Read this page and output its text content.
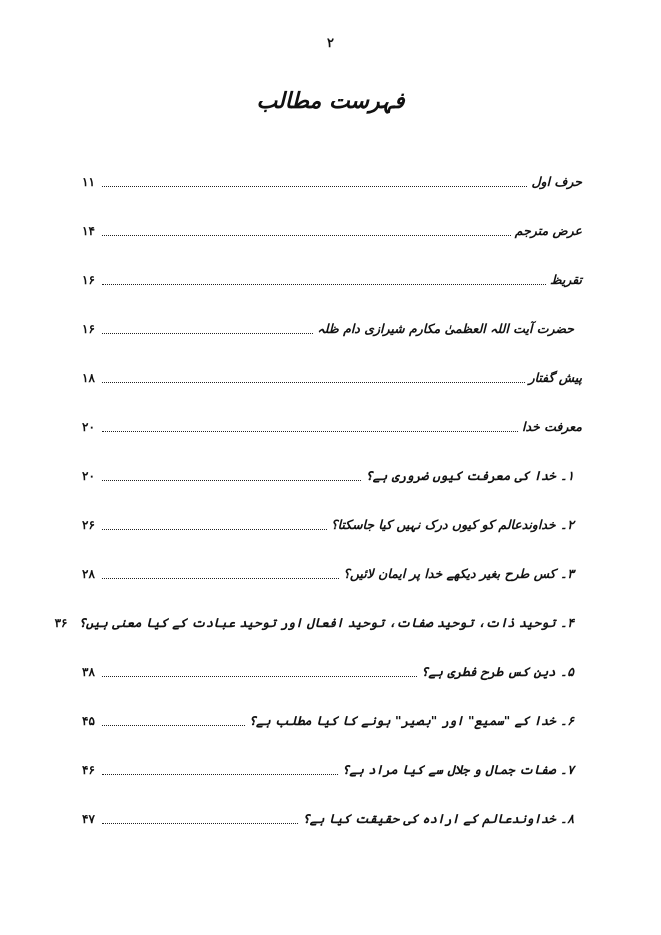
۲
فہرست مطالب
حرف اول
۱۱
عرض مترجم
۱۴
تقریظ
۱۶
حضرت آیت اللہ العظمیٰ مکارم شیرازی دام ظلہ
۱۶
پیش گفتار
۱۸
معرفت خدا
۲۰
۱۔ خدا کی معرفت کیوں ضروری ہے؟
۲۰
۲۔ خداوندعالم کو کیوں درک نہیں کیا جاسکتا؟
۲۶
۳۔ کس طرح بغیر دیکھے خدا پر ایمان لائیں؟
۲۸
۴۔ توحید ذات، توحید صفات، توحید افعال اور توحید عبادت کے کیا معنی ہیں؟
۳۶
۵۔ دین کس طرح فطری ہے؟
۳۸
۶۔ خدا کے "سمیع" اور "بصیر" ہونے کا کیا مطلب ہے؟
۴۵
۷۔ صفات جمال و جلال سے کیا مراد ہے؟
۴۶
۸۔ خداوندعالم کے ارادہ کی حقیقت کیا ہے؟
۴۷
